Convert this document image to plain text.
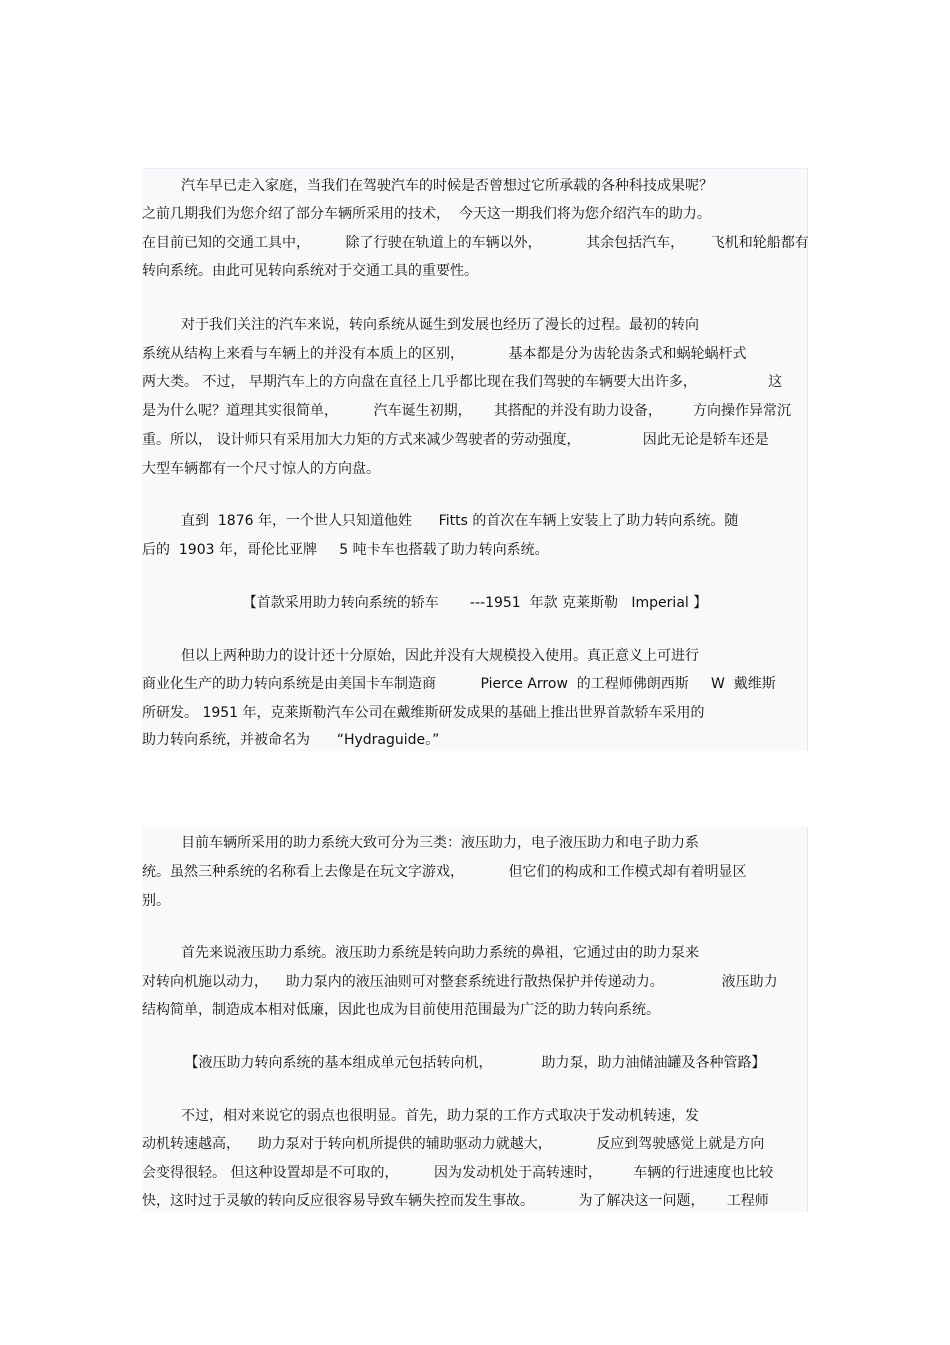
汽车早已走入家庭，当我们在驾驶汽车的时候是否曾想过它所承载的各种科技成果呢？

之前几期我们为您介绍了部分车辆所采用的技术，  今天这一期我们将为您介绍汽车的助力。

在目前已知的交通工具中，        除了行驶在轨道上的车辆以外，          其余包括汽车，      飞机和轮船都有

转向系统。由此可见转向系统对于交通工具的重要性。

对于我们关注的汽车来说，转向系统从诞生到发展也经历了漫长的过程。最初的转向

系统从结构上来看与车辆上的并没有本质上的区别，          基本都是分为齿轮齿条式和蜗轮蜗杆式

两大类。 不过， 早期汽车上的方向盘在直径上几乎都比现在我们驾驶的车辆要大出许多，                这

是为什么呢？道理其实很简单，        汽车诞生初期，     其搭配的并没有助力设备，       方向操作异常沉

重。所以， 设计师只有采用加大力矩的方式来减少驾驶者的劳动强度，              因此无论是轿车还是

大型车辆都有一个尺寸惊人的方向盘。

直到  1876 年，一个世人只知道他姓      Fitts 的首次在车辆上安装上了助力转向系统。随

后的  1903 年，哥伦比亚牌     5 吨卡车也搭载了助力转向系统。

【首款采用助力转向系统的轿车       ---1951  年款 克莱斯勒   Imperial 】

但以上两种助力的设计还十分原始，因此并没有大规模投入使用。真正意义上可进行

商业化生产的助力转向系统是由美国卡车制造商          Pierce Arrow  的工程师佛朗西斯     W  戴维斯

所研发。 1951 年，克莱斯勒汽车公司在戴维斯研发成果的基础上推出世界首款轿车采用的

助力转向系统，并被命名为      “Hydraguide。”

目前车辆所采用的助力系统大致可分为三类：液压助力，电子液压助力和电子助力系

统。虽然三种系统的名称看上去像是在玩文字游戏，          但它们的构成和工作模式却有着明显区

别。

首先来说液压助力系统。液压助力系统是转向助力系统的鼻祖，它通过由的助力泵来

对转向机施以动力，    助力泵内的液压油则可对整套系统进行散热保护并传递动力。             液压助力

结构简单，制造成本相对低廉，因此也成为目前使用范围最为广泛的助力转向系统。

【液压助力转向系统的基本组成单元包括转向机，           助力泵，助力油储油罐及各种管路】

不过，相对来说它的弱点也很明显。首先，助力泵的工作方式取决于发动机转速，发

动机转速越高，    助力泵对于转向机所提供的辅助驱动力就越大，          反应到驾驶感觉上就是方向

会变得很轻。 但这种设置却是不可取的，        因为发动机处于高转速时，       车辆的行进速度也比较

快，这时过于灵敏的转向反应很容易导致车辆失控而发生事故。          为了解决这一问题，     工程师
